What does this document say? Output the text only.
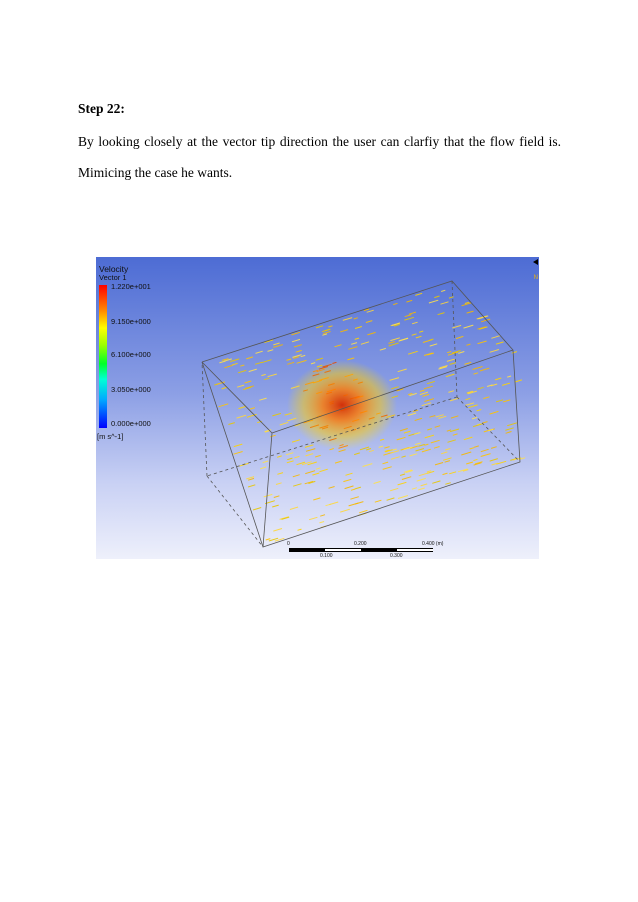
Step 22:
By looking closely at the vector tip direction the user can clarfiy that the flow field is.
Mimicing the case he wants.
Velocity
Vector 1
1.220e+001
9.150e+000
6.100e+000
3.050e+000
0.000e+000
[m s^-1]
0	0.200	0.400 (m)
0.100	0.300
N
